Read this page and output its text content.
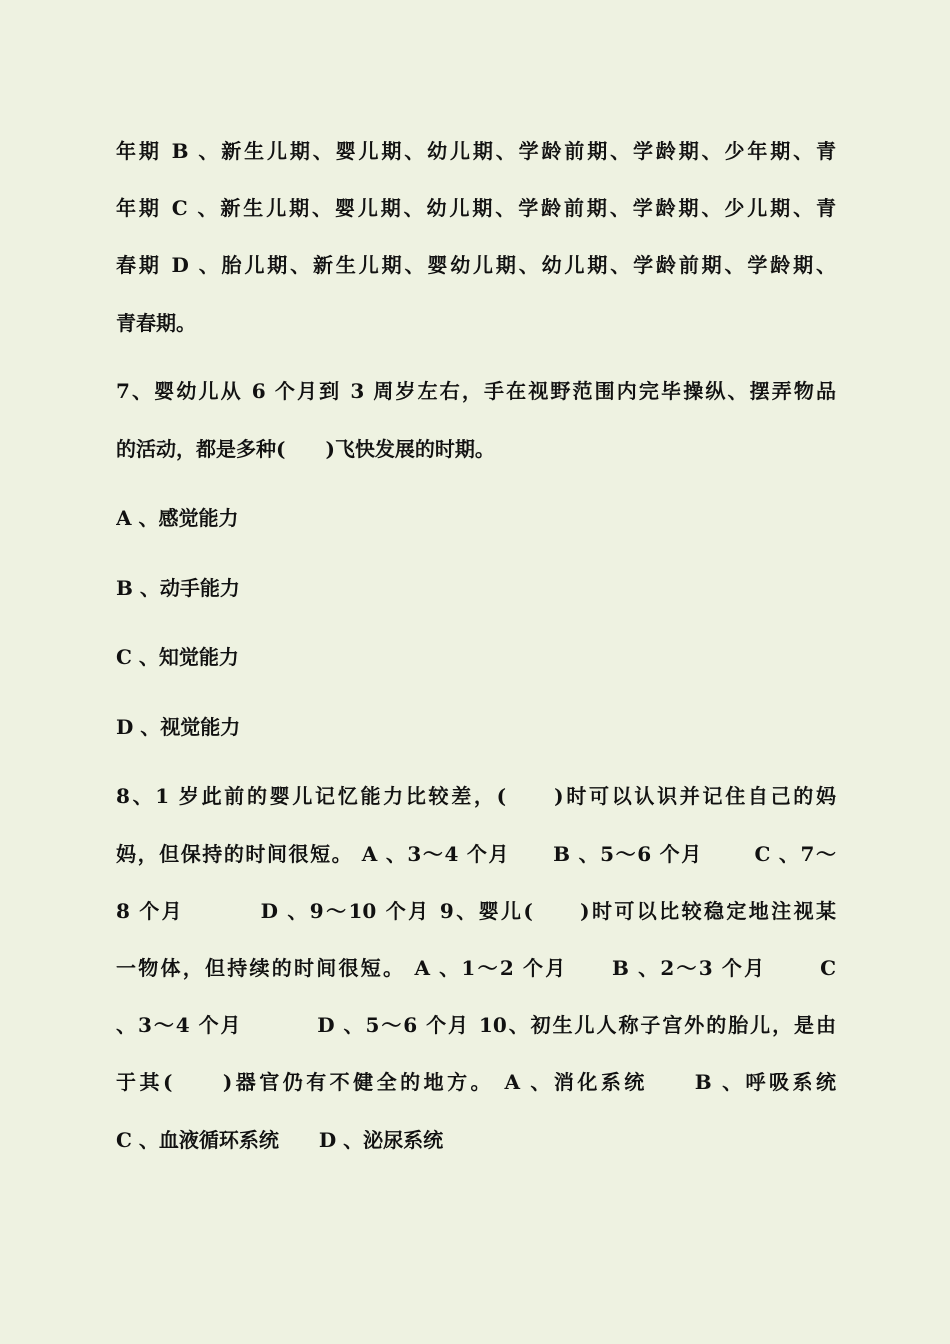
年期 B 、新生儿期、婴儿期、幼儿期、学龄前期、学龄期、少年期、青
年期 C 、新生儿期、婴儿期、幼儿期、学龄前期、学龄期、少儿期、青
春期 D 、胎儿期、新生儿期、婴幼儿期、幼儿期、学龄前期、学龄期、
青春期。
7、婴幼儿从 6 个月到 3 周岁左右，手在视野范围内完毕操纵、摆弄物品
的活动，都是多种(　　)飞快发展的时期。
A 、感觉能力
B 、动手能力
C 、知觉能力
D 、视觉能力
8、1 岁此前的婴儿记忆能力比较差，(　　)时可以认识并记住自己的妈
妈，但保持的时间很短。 A 、3～4 个月　　B 、5～6 个月　　 C 、7～
8 个月　　　 D 、9～10 个月 9、婴儿(　　)时可以比较稳定地注视某
一物体，但持续的时间很短。 A 、1～2 个月　　B 、2～3 个月　　 C
、3～4 个月　　　 D 、5～6 个月 10、初生儿人称子宫外的胎儿，是由
于其(　　)器官仍有不健全的地方。 A 、消化系统　　B 、呼吸系统
C 、血液循环系统　　D 、泌尿系统
